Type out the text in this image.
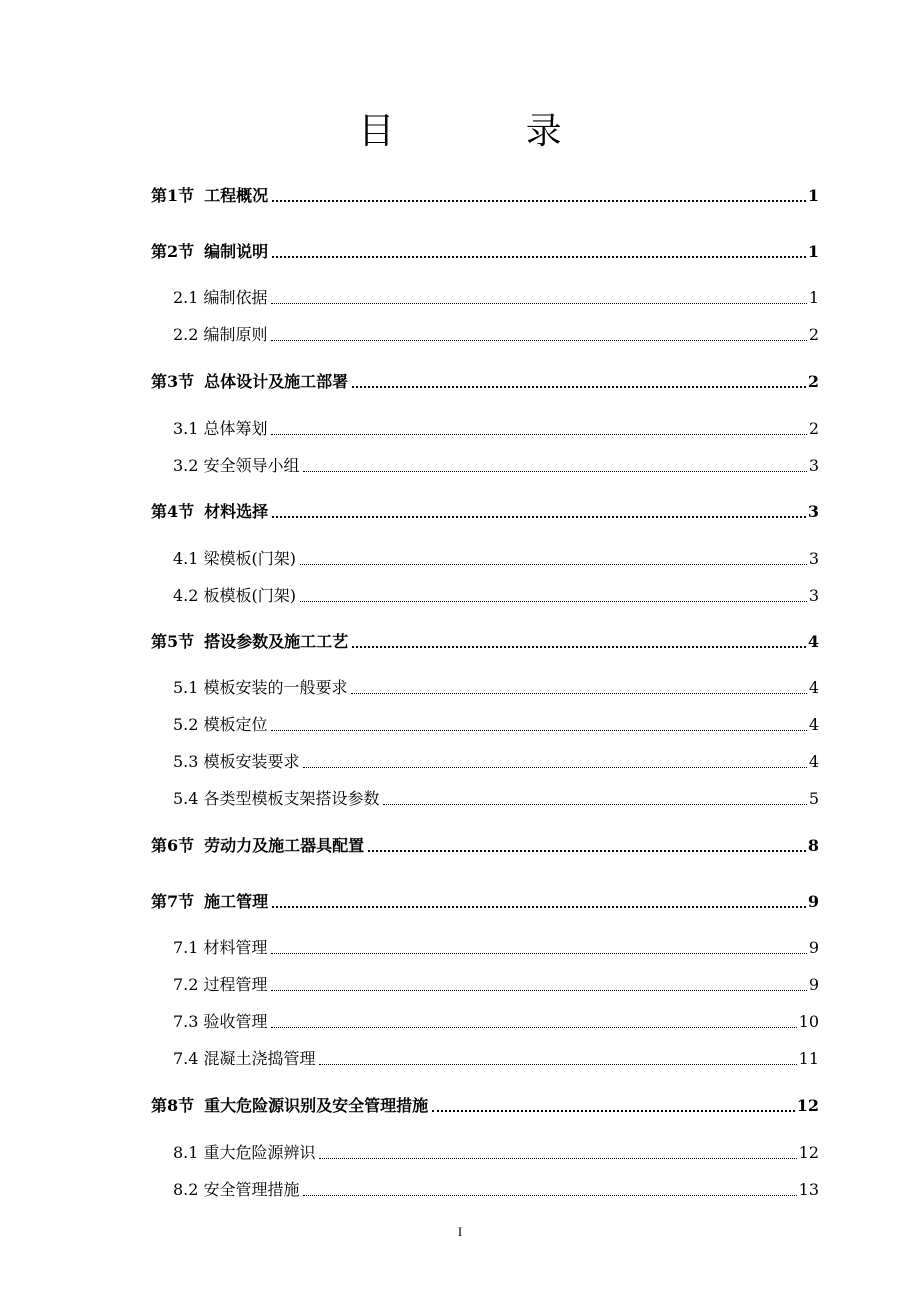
目 录
第1节 工程概况	1
第2节 编制说明	1
2.1 编制依据	1
2.2 编制原则	2
第3节 总体设计及施工部署	2
3.1 总体筹划	2
3.2 安全领导小组	3
第4节 材料选择	3
4.1 梁模板(门架)	3
4.2 板模板(门架)	3
第5节 搭设参数及施工工艺	4
5.1 模板安装的一般要求	4
5.2 模板定位	4
5.3 模板安装要求	4
5.4 各类型模板支架搭设参数	5
第6节 劳动力及施工器具配置	8
第7节 施工管理	9
7.1 材料管理	9
7.2 过程管理	9
7.3 验收管理	10
7.4 混凝土浇捣管理	11
第8节 重大危险源识别及安全管理措施	12
8.1 重大危险源辨识	12
8.2 安全管理措施	13
I
